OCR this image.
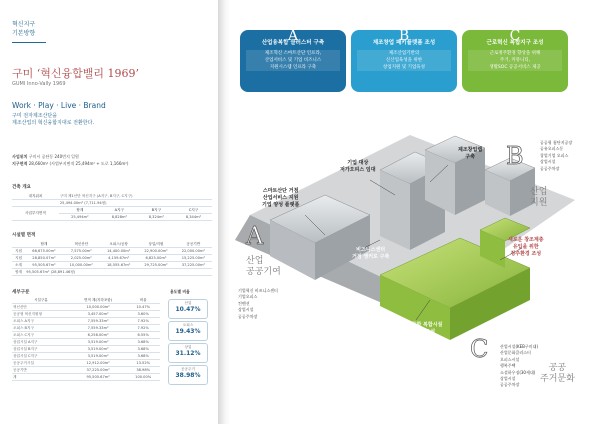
혁신지구
기본방향
구미 ‘혁신융합밸리 1969’
GUMI Inno-Vally 1969
Work · Play · Live · Brand
구미 전자제조산단을
제조산업의 혁신융합지대로 전환한다.
사업위치 구미시 공단동 240번지 일원
지구면적 28,660m² (사업부지면적 25,494m² + 도로 1,166m²)
건축 개요
대지위치	구미 제1산단 혁신지구 (A지구, B지구, C지구)			
	25,494.00m² (7,711.94평)			
사업부지면적	합계	A지구	B지구	C지구
	25,494m²	8,828m²	8,324m²	8,344m²
시설별 면적
	합계	혁신산단	오피스/공장	상업/지원	공공기반
지원	66,675.00m²	7,575.00m²	14,400.00m²	22,900.00m²	22,000.00m²
지원	28,850.07m²	2,025.00m²	4,159.67m²	6,825.00m²	15,225.00m²
소계	95,505.67m²	10,000.00m²	18,555.67m²	29,725.00m²	37,225.00m²
합계	95,505.67m² (28,891.46평)				
세부구분
시설구분	면적 계(지하포함)	비율
혁신산단	10,000.00m²	10.47%
공공형 혁신지원형	3,457.00m²	3.60%
오피스 A지구	7,559.33m²	7.92%
오피스 B지구	7,559.33m²	7.92%
오피스 C지구	6,256.00m²	6.55%
상업시설 A지구	3,519.00m²	3.68%
상업시설 B지구	3,519.00m²	3.68%
상업시설 C지구	3,519.00m²	3.68%
공공주거시설	12,912.00m²	13.52%
공공기반	37,225.00m²	38.98%
계	95,505.67m²	100.00%
용도별 비율
산업
10.47%
오피스
19.43%
상업
31.12%
공공주거
38.98%
산업융복합 클러스터 구축
제조혁신 스마트산단 인프라,
산업서비스 및 기업 비즈니스
지원시스템 인프라 구축
A	제조창업 패키플랫폼 조성
제조산업기반의
신산업육성을 위한
창업지원 및 기업육성
B	근로혁신 복합지구 조성
근로정주환경 향상을 위해
주거, 커뮤니티,
생활SOC 공공서비스 제공
C
A
산업
공공기여
B
산업
지원
C
공공
주거문화
기업 대상
저가오피스 임대
제조창업랩
구축
스마트산단 거점
산업서비스 지원
기업 양성 플랫폼
비즈니스센터
거점 앵커로 구축
새로운 창조계층
유입을 위한
정주환경 조성
산업문화 복합시설
및 공원조성
기업혁신 비즈니스센터
기업오피스
컨벤션
상업시설
공공주차장
공공형 첨단지공장
공유오피스동
창업기업 오피스
상업시설
공공주차장
산업시설(KEB구미대)
산업문화클러스터
오피스시설
행복주택
소셜하우징(30세대)
상업시설
공공주차장
